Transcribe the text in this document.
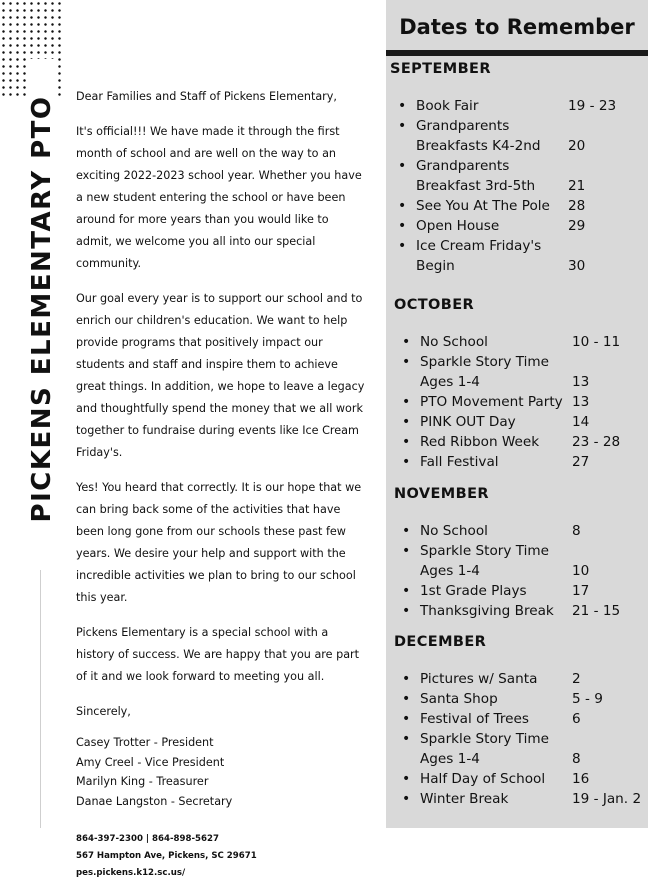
PICKENS ELEMENTARY PTO Dear Families and Staff of Pickens Elementary,

It's official!!! We have made it through the first month of school and are well on the way to an exciting 2022-2023 school year. Whether you have a new student entering the school or have been around for more years than you would like to admit, we welcome you all into our special community.

Our goal every year is to support our school and to enrich our children's education. We want to help provide programs that positively impact our students and staff and inspire them to achieve great things. In addition, we hope to leave a legacy and thoughtfully spend the money that we all work together to fundraise during events like Ice Cream Friday's.

Yes! You heard that correctly. It is our hope that we can bring back some of the activities that have been long gone from our schools these past few years. We desire your help and support with the incredible activities we plan to bring to our school this year.

Pickens Elementary is a special school with a history of success. We are happy that you are part of it and we look forward to meeting you all.

Sincerely,

Casey Trotter - President
Amy Creel - Vice President
Marilyn King - Treasurer
Danae Langston - Secretary
864-397-2300 | 864-898-5627
567 Hampton Ave, Pickens, SC 29671
pes.pickens.k12.sc.us/
Dates to Remember
SEPTEMBER
• Book Fair	19 - 23
• Grandparents
Breakfasts K4-2nd	20
• Grandparents
Breakfast 3rd-5th	21
• See You At The Pole 28
• Open House	29
• Ice Cream Friday's
Begin	30
OCTOBER
• No School	10 - 11
• Sparkle Story Time
Ages 1-4	13
• PTO Movement Party 13
• PINK OUT Day	14
• Red Ribbon Week 23 - 28
• Fall Festival	27
NOVEMBER
• No School	8
• Sparkle Story Time
Ages 1-4	10
• 1st Grade Plays	17
• Thanksgiving Break 21 - 15
DECEMBER
• Pictures w/ Santa	2
• Santa Shop	5 - 9
• Festival of Trees	6
• Sparkle Story Time
Ages 1-4	8
• Half Day of School 16
• Winter Break	19 - Jan. 2
